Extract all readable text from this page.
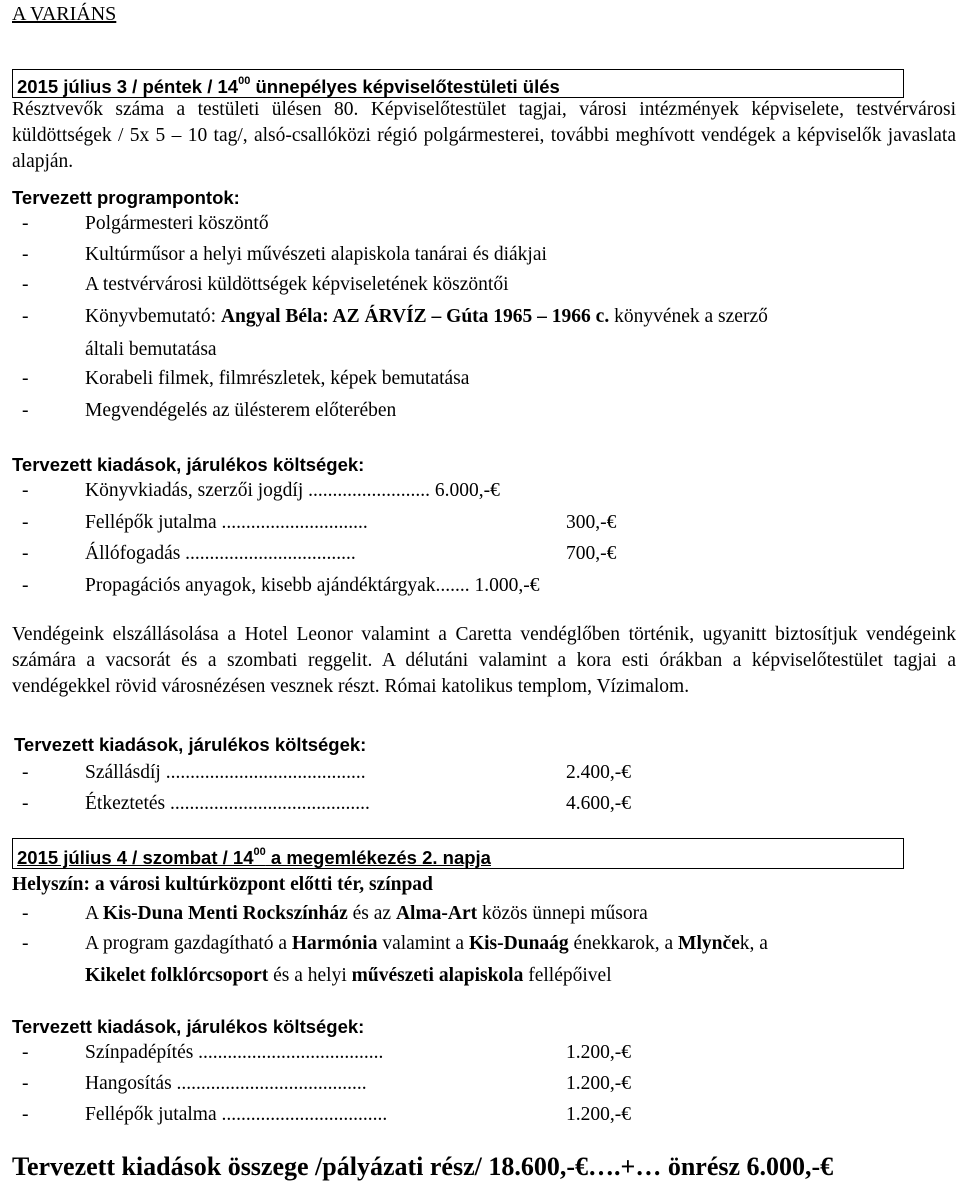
A VARIÁNS
2015 július 3 / péntek / $14^{00}$ ünnepélyes képviselőtestületi ülés
Résztvevők száma a testületi ülésen 80. Képviselőtestület tagjai, városi intézmények képviselete, testvérvárosi küldöttségek / 5x 5 – 10 tag/, alsó-csallóközi régió polgármesterei, további meghívott vendégek a képviselők javaslata alapján.
Tervezett programpontok:
-	Polgármesteri köszöntő
-	Kultúrműsor a helyi művészeti alapiskola tanárai és diákjai
-	A testvérvárosi küldöttségek képviseletének köszöntői
-	Könyvbemutató: Angyal Béla: AZ ÁRVÍZ – Gúta 1965 – 1966 c. könyvének a szerző
általi bemutatása
-	Korabeli filmek, filmrészletek, képek bemutatása
-	Megvendégelés az ülésterem előterében
Tervezett kiadások, járulékos költségek:
-	Könyvkiadás, szerzői jogdíj ......................... 6.000,-€
-	Fellépők jutalma ..............................	300,-€
-	Állófogadás ...................................	700,-€
-	Propagációs anyagok, kisebb ajándéktárgyak....... 1.000,-€
Vendégeink elszállásolása a Hotel Leonor valamint a Caretta vendéglőben történik, ugyanitt biztosítjuk vendégeink számára a vacsorát és a szombati reggelit. A délutáni valamint a kora esti órákban a képviselőtestület tagjai a vendégekkel rövid városnézésen vesznek részt. Római katolikus templom, Vízimalom.
Tervezett kiadások, járulékos költségek:
-	Szállásdíj .........................................	2.400,-€
-	Étkeztetés .........................................	4.600,-€
2015 július 4 / szombat / $14^{00}$ a megemlékezés 2. napja
Helyszín: a városi kultúrközpont előtti tér, színpad
-	A Kis-Duna Menti Rockszínház és az Alma-Art közös ünnepi műsora
-	A program gazdagítható a Harmónia valamint a Kis-Dunaág énekkarok, a Mlynček, a
Kikelet folklórcsoport és a helyi művészeti alapiskola fellépőivel
Tervezett kiadások, járulékos költségek:
-	Színpadépítés ......................................	1.200,-€
-	Hangosítás .......................................	1.200,-€
-	Fellépők jutalma ..................................	1.200,-€
Tervezett kiadások összege /pályázati rész/ 18.600,-€….+… önrész 6.000,-€
